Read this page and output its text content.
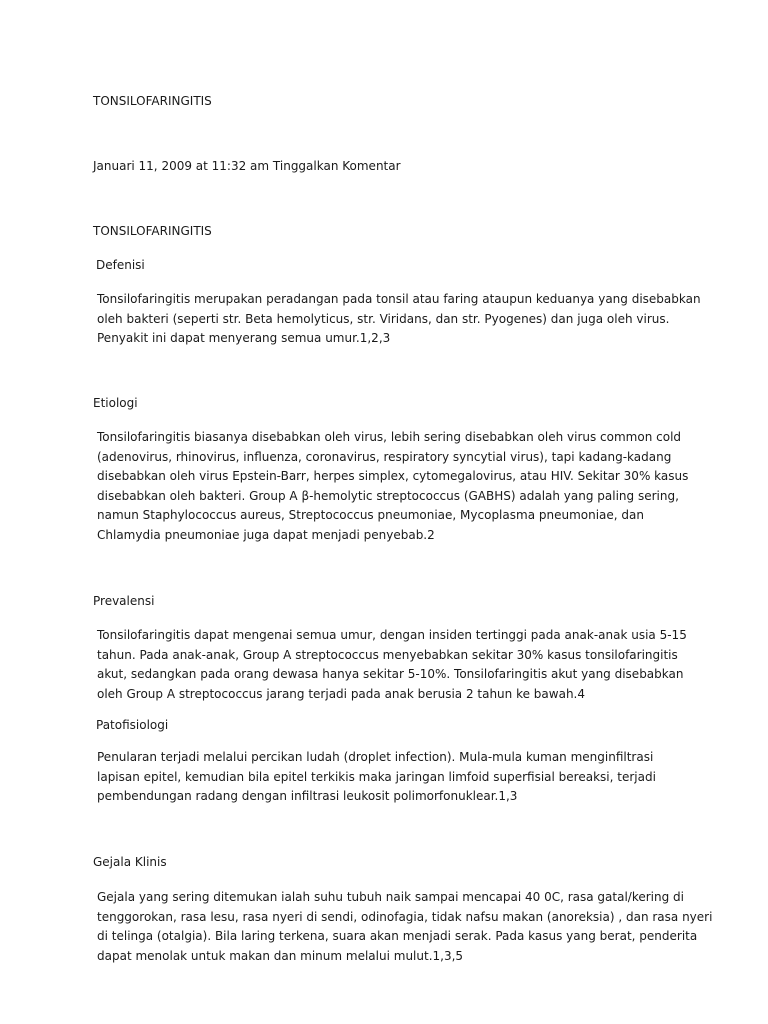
TONSILOFARINGITIS
Januari 11, 2009 at 11:32 am Tinggalkan Komentar
TONSILOFARINGITIS
Defenisi
Tonsilofaringitis merupakan peradangan pada tonsil atau faring ataupun keduanya yang disebabkan
oleh bakteri (seperti str. Beta hemolyticus, str. Viridans, dan str. Pyogenes) dan juga oleh virus.
Penyakit ini dapat menyerang semua umur.1,2,3
Etiologi
Tonsilofaringitis biasanya disebabkan oleh virus, lebih sering disebabkan oleh virus common cold
(adenovirus, rhinovirus, influenza, coronavirus, respiratory syncytial virus), tapi kadang-kadang
disebabkan oleh virus Epstein-Barr, herpes simplex, cytomegalovirus, atau HIV. Sekitar 30% kasus
disebabkan oleh bakteri. Group A β-hemolytic streptococcus (GABHS) adalah yang paling sering,
namun Staphylococcus aureus, Streptococcus pneumoniae, Mycoplasma pneumoniae, dan
Chlamydia pneumoniae juga dapat menjadi penyebab.2
Prevalensi
Tonsilofaringitis dapat mengenai semua umur, dengan insiden tertinggi pada anak-anak usia 5-15
tahun. Pada anak-anak, Group A streptococcus menyebabkan sekitar 30% kasus tonsilofaringitis
akut, sedangkan pada orang dewasa hanya sekitar 5-10%. Tonsilofaringitis akut yang disebabkan
oleh Group A streptococcus jarang terjadi pada anak berusia 2 tahun ke bawah.4
Patofisiologi
Penularan terjadi melalui percikan ludah (droplet infection). Mula-mula kuman menginfiltrasi
lapisan epitel, kemudian bila epitel terkikis maka jaringan limfoid superfisial bereaksi, terjadi
pembendungan radang dengan infiltrasi leukosit polimorfonuklear.1,3
Gejala Klinis
Gejala yang sering ditemukan ialah suhu tubuh naik sampai mencapai 40 0C, rasa gatal/kering di
tenggorokan, rasa lesu, rasa nyeri di sendi, odinofagia, tidak nafsu makan (anoreksia) , dan rasa nyeri
di telinga (otalgia). Bila laring terkena, suara akan menjadi serak. Pada kasus yang berat, penderita
dapat menolak untuk makan dan minum melalui mulut.1,3,5
